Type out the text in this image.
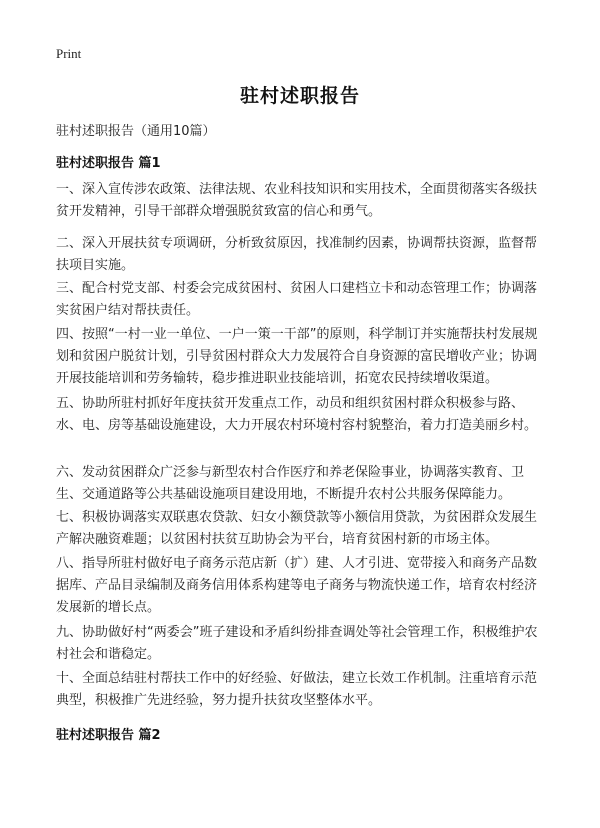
Print
驻村述职报告
驻村述职报告（通用10篇）
驻村述职报告 篇1

一、深入宣传涉农政策、法律法规、农业科技知识和实用技术，全面贯彻落实各级扶贫开发精神，引导干部群众增强脱贫致富的信心和勇气。

二、深入开展扶贫专项调研，分析致贫原因，找准制约因素，协调帮扶资源，监督帮扶项目实施。

三、配合村党支部、村委会完成贫困村、贫困人口建档立卡和动态管理工作；协调落实贫困户结对帮扶责任。

四、按照“一村一业一单位、一户一策一干部”的原则，科学制订并实施帮扶村发展规划和贫困户脱贫计划，引导贫困村群众大力发展符合自身资源的富民增收产业；协调开展技能培训和劳务输转，稳步推进职业技能培训，拓宽农民持续增收渠道。

五、协助所驻村抓好年度扶贫开发重点工作，动员和组织贫困村群众积极参与路、水、电、房等基础设施建设，大力开展农村环境村容村貌整治，着力打造美丽乡村。

六、发动贫困群众广泛参与新型农村合作医疗和养老保险事业，协调落实教育、卫生、交通道路等公共基础设施项目建设用地，不断提升农村公共服务保障能力。

七、积极协调落实双联惠农贷款、妇女小额贷款等小额信用贷款，为贫困群众发展生产解决融资难题；以贫困村扶贫互助协会为平台，培育贫困村新的市场主体。

八、指导所驻村做好电子商务示范店新（扩）建、人才引进、宽带接入和商务产品数据库、产品目录编制及商务信用体系构建等电子商务与物流快递工作，培育农村经济发展新的增长点。

九、协助做好村“两委会”班子建设和矛盾纠纷排查调处等社会管理工作，积极维护农村社会和谐稳定。

十、全面总结驻村帮扶工作中的好经验、好做法，建立长效工作机制。注重培育示范典型，积极推广先进经验，努力提升扶贫攻坚整体水平。

驻村述职报告 篇2
